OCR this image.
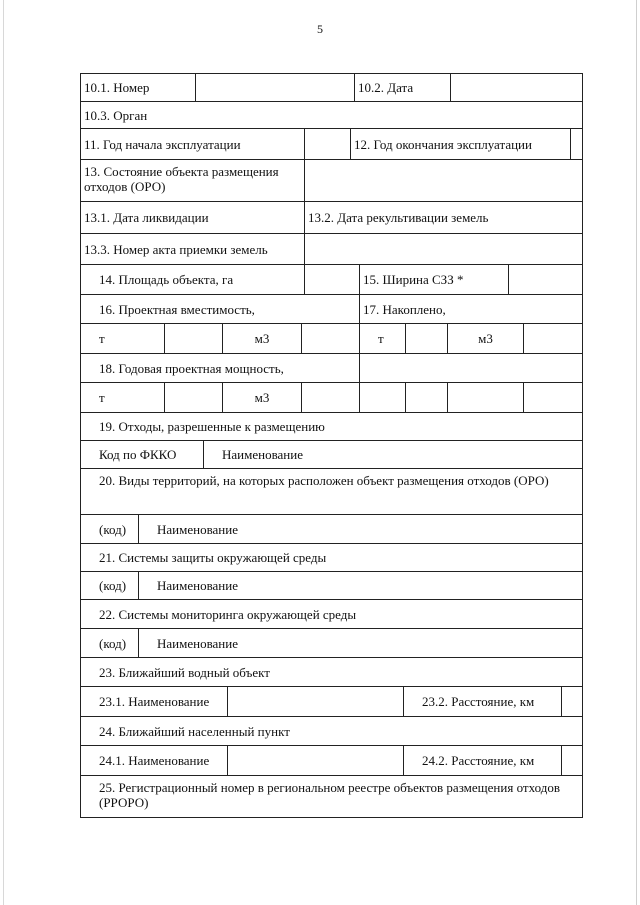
5
10.1. Номер	10.2. Дата
10.3. Орган
11. Год начала эксплуатации	12. Год окончания эксплуатации
13. Состояние объекта размещения отходов (ОРО)
13.1. Дата ликвидации	13.2. Дата рекультивации земель
13.3. Номер акта приемки земель
14. Площадь объекта, га	15. Ширина СЗЗ *
16. Проектная вместимость,	17. Накоплено,
т	м3	т	м3
18. Годовая проектная мощность,
т	м3
19. Отходы, разрешенные к размещению
Код по ФККО	Наименование
20. Виды территорий, на которых расположен объект размещения отходов (ОРО)
(код)	Наименование
21. Системы защиты окружающей среды
(код)	Наименование
22. Системы мониторинга окружающей среды
(код)	Наименование
23. Ближайший водный объект
23.1. Наименование	23.2. Расстояние, км
24. Ближайший населенный пункт
24.1. Наименование	24.2. Расстояние, км
25. Регистрационный номер в региональном реестре объектов размещения отходов (РРОРО)
